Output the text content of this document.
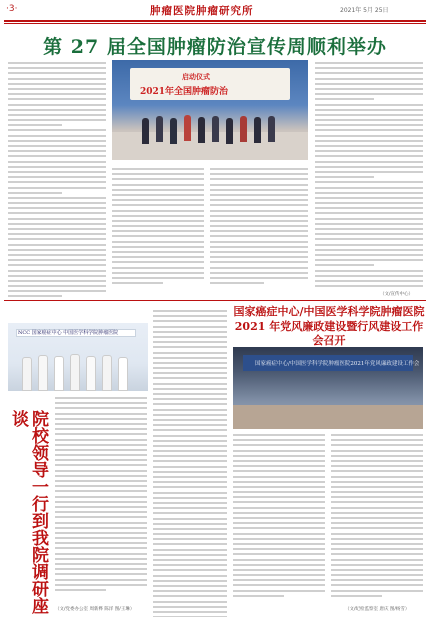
·3·	肿瘤医院肿瘤研究所	2021年 5月 25日
第 27 届全国肿瘤防治宣传周顺利举办
启动仪式
2021年全国肿瘤防治
（文/宣传中心）
NCC 国家癌症中心 中国医学科学院肿瘤医院
院校领导一行到我院调研座谈
（文/党委办公室 周新桦 陈洋 图/王琳）
国家癌症中心/中国医学科学院肿瘤医院
2021 年党风廉政建设暨行风建设工作会召开
国家癌症中心/中国医学科学院肿瘤医院2021年党风廉政建设工作会
（文/纪检监察室 唐庆 图/杨雪）
